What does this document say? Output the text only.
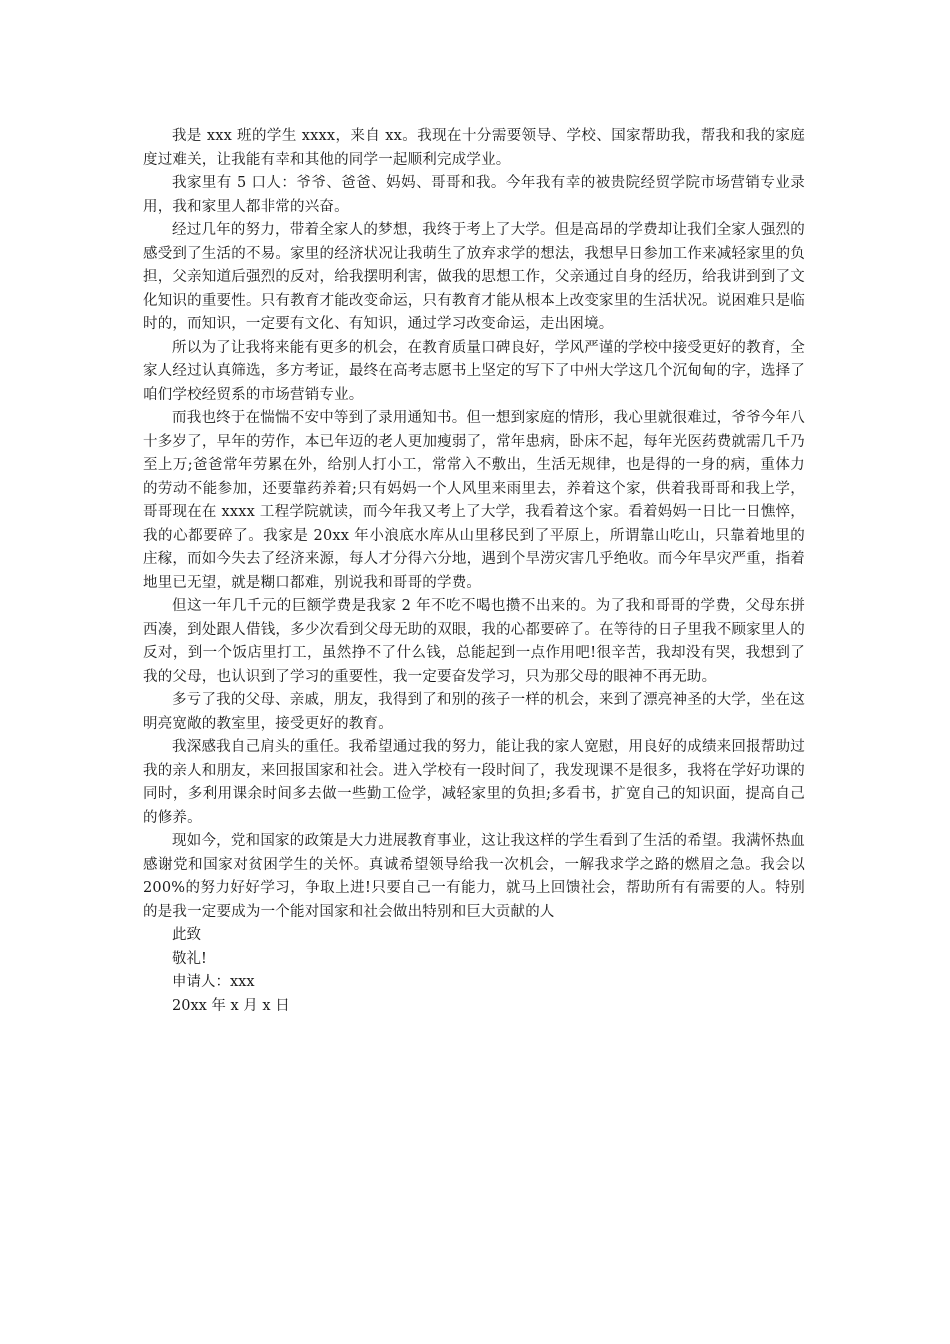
我是 xxx 班的学生 xxxx，来自 xx。我现在十分需要领导、学校、国家帮助我，帮我和我的家庭度过难关，让我能有幸和其他的同学一起顺利完成学业。

我家里有 5 口人：爷爷、爸爸、妈妈、哥哥和我。今年我有幸的被贵院经贸学院市场营销专业录用，我和家里人都非常的兴奋。

经过几年的努力，带着全家人的梦想，我终于考上了大学。但是高昂的学费却让我们全家人强烈的感受到了生活的不易。家里的经济状况让我萌生了放弃求学的想法，我想早日参加工作来减轻家里的负担，父亲知道后强烈的反对，给我摆明利害，做我的思想工作，父亲通过自身的经历，给我讲到到了文化知识的重要性。只有教育才能改变命运，只有教育才能从根本上改变家里的生活状况。说困难只是临时的，而知识，一定要有文化、有知识，通过学习改变命运，走出困境。

所以为了让我将来能有更多的机会，在教育质量口碑良好，学风严谨的学校中接受更好的教育，全家人经过认真筛选，多方考证，最终在高考志愿书上坚定的写下了中州大学这几个沉甸甸的字，选择了咱们学校经贸系的市场营销专业。

而我也终于在惴惴不安中等到了录用通知书。但一想到家庭的情形，我心里就很难过，爷爷今年八十多岁了，早年的劳作，本已年迈的老人更加瘦弱了，常年患病，卧床不起，每年光医药费就需几千乃至上万;爸爸常年劳累在外，给别人打小工，常常入不敷出，生活无规律，也是得的一身的病，重体力的劳动不能参加，还要靠药养着;只有妈妈一个人风里来雨里去，养着这个家，供着我哥哥和我上学，哥哥现在在 xxxx 工程学院就读，而今年我又考上了大学，我看着这个家。看着妈妈一日比一日憔悴，我的心都要碎了。我家是 20xx 年小浪底水库从山里移民到了平原上，所谓靠山吃山，只靠着地里的庄稼，而如今失去了经济来源，每人才分得六分地，遇到个旱涝灾害几乎绝收。而今年旱灾严重，指着地里已无望，就是糊口都难，别说我和哥哥的学费。

但这一年几千元的巨额学费是我家 2 年不吃不喝也攒不出来的。为了我和哥哥的学费，父母东拼西凑，到处跟人借钱，多少次看到父母无助的双眼，我的心都要碎了。在等待的日子里我不顾家里人的反对，到一个饭店里打工，虽然挣不了什么钱，总能起到一点作用吧!很辛苦，我却没有哭，我想到了我的父母，也认识到了学习的重要性，我一定要奋发学习，只为那父母的眼神不再无助。

多亏了我的父母、亲戚，朋友，我得到了和别的孩子一样的机会，来到了漂亮神圣的大学，坐在这明亮宽敞的教室里，接受更好的教育。

我深感我自己肩头的重任。我希望通过我的努力，能让我的家人宽慰，用良好的成绩来回报帮助过我的亲人和朋友，来回报国家和社会。进入学校有一段时间了，我发现课不是很多，我将在学好功课的同时，多利用课余时间多去做一些勤工俭学，减轻家里的负担;多看书，扩宽自己的知识面，提高自己的修养。

现如今，党和国家的政策是大力进展教育事业，这让我这样的学生看到了生活的希望。我满怀热血感谢党和国家对贫困学生的关怀。真诚希望领导给我一次机会，一解我求学之路的燃眉之急。我会以 200%的努力好好学习，争取上进!只要自己一有能力，就马上回馈社会，帮助所有有需要的人。特别的是我一定要成为一个能对国家和社会做出特别和巨大贡献的人

此致

敬礼!

申请人：xxx

20xx 年 x 月 x 日
